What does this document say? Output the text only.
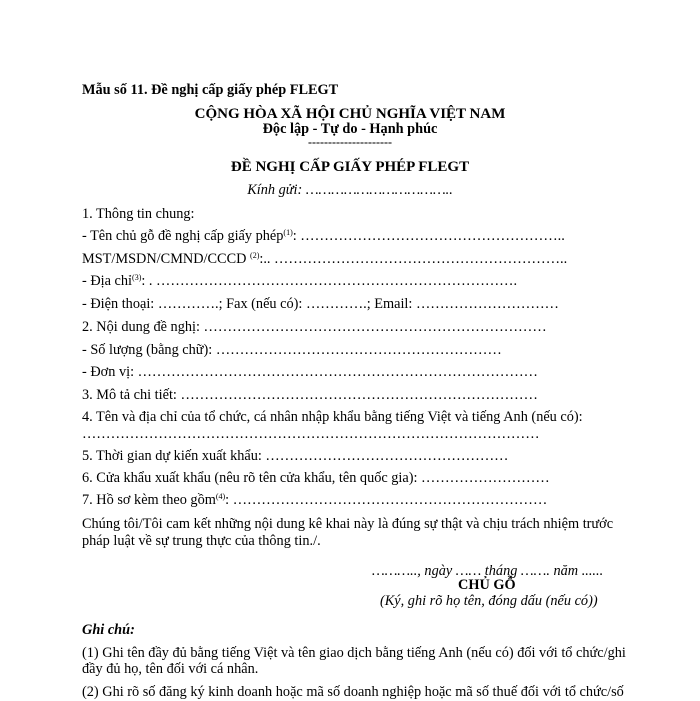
Mẫu số 11. Đề nghị cấp giấy phép FLEGT
CỘNG HÒA XÃ HỘI CHỦ NGHĨA VIỆT NAM
Độc lập - Tự do - Hạnh phúc
---------------------
ĐỀ NGHỊ CẤP GIẤY PHÉP FLEGT
Kính gửi: ……………………………..
1. Thông tin chung:
- Tên chủ gỗ đề nghị cấp giấy phép$^{(1)}$: ………………………………………………..
MST/MSDN/CMND/CCCD $^{(2)}$:.. ……………………………………………………..
- Địa chỉ$^{(3)}$: . ………………………………………………………………….
- Điện thoại: ………….; Fax (nếu có): ………….; Email: …………………………
2. Nội dung đề nghị: ………………………………………………………………
- Số lượng (bằng chữ): ……………………………………………………
- Đơn vị: …………………………………………………………………………
3. Mô tả chi tiết: …………………………………………………………………
4. Tên và địa chỉ của tổ chức, cá nhân nhập khẩu bằng tiếng Việt và tiếng Anh (nếu có):
……………………………………………………………………………………
5. Thời gian dự kiến xuất khẩu: ……………………………………………
6. Cửa khẩu xuất khẩu (nêu rõ tên cửa khẩu, tên quốc gia): ………………………
7. Hồ sơ kèm theo gồm$^{(4)}$: …………………………………………………………
Chúng tôi/Tôi cam kết những nội dung kê khai này là đúng sự thật và chịu trách nhiệm trước
pháp luật về sự trung thực của thông tin./.
……….., ngày …… tháng ……. năm ......
CHỦ GỖ
(Ký, ghi rõ họ tên, đóng dấu (nếu có))
Ghi chú:
(1) Ghi tên đầy đủ bằng tiếng Việt và tên giao dịch bằng tiếng Anh (nếu có) đối với tổ chức/ghi
đầy đủ họ, tên đối với cá nhân.
(2) Ghi rõ số đăng ký kinh doanh hoặc mã số doanh nghiệp hoặc mã số thuế đối với tổ chức/số
